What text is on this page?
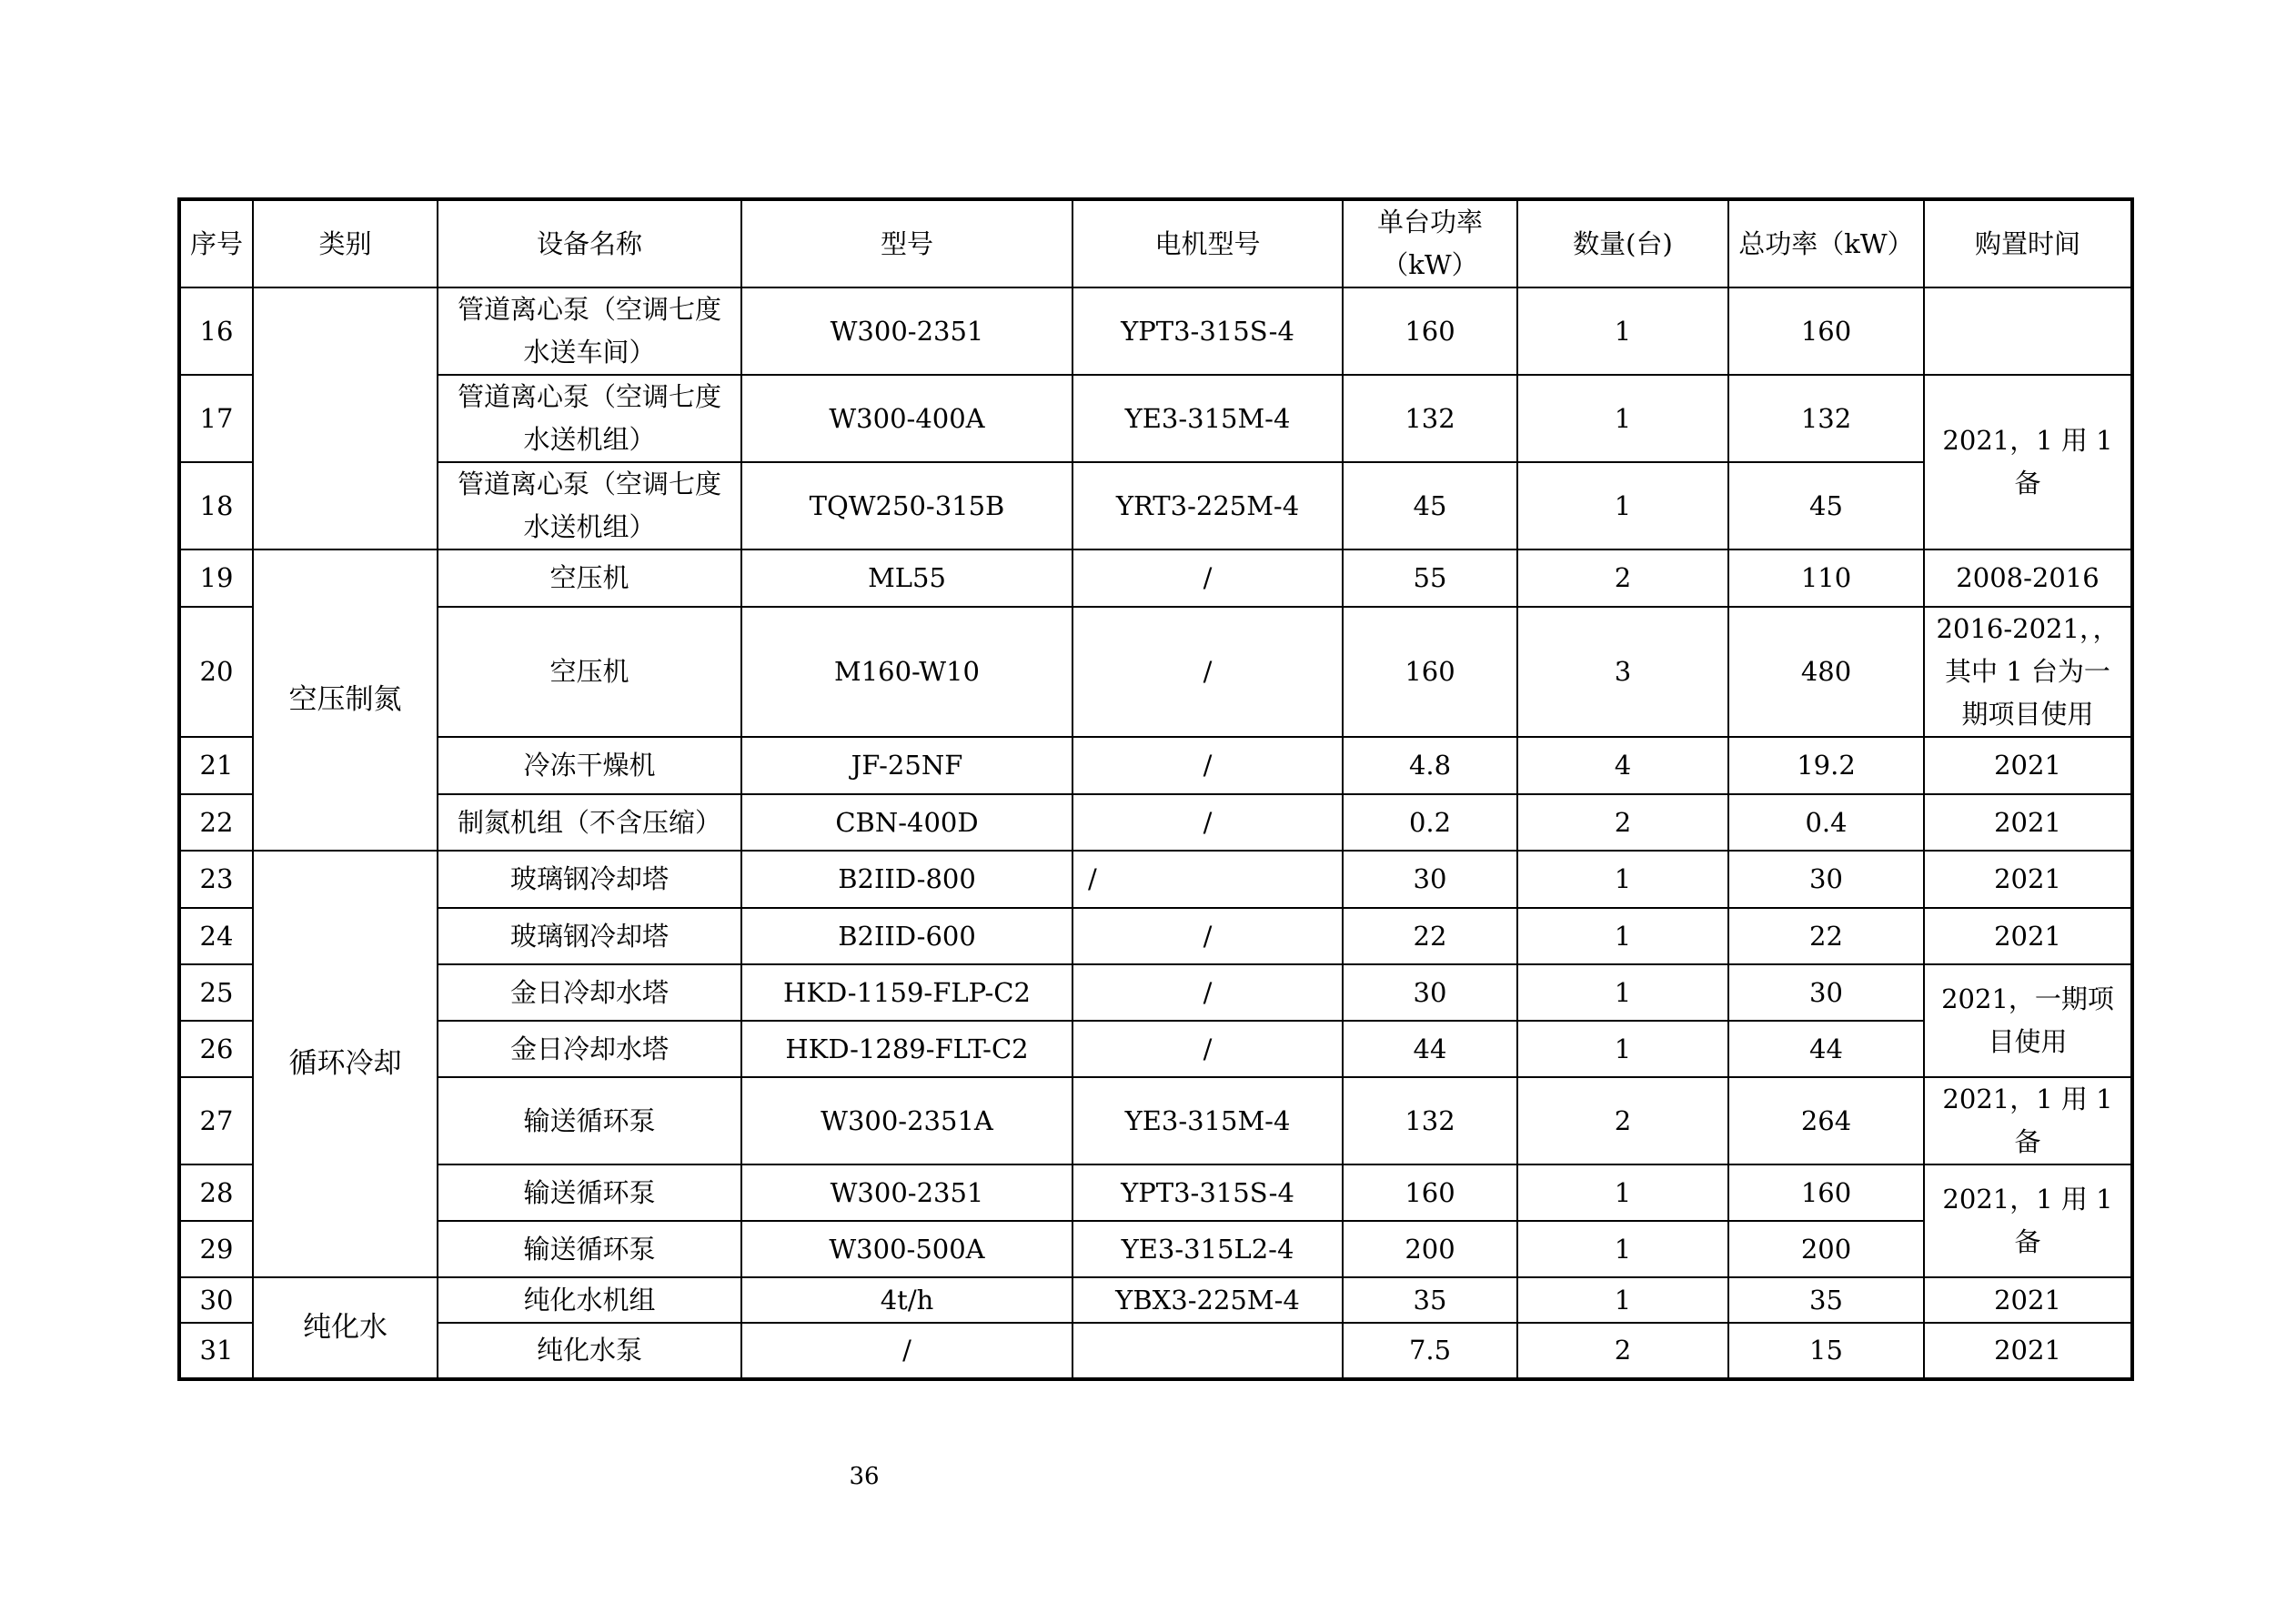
序号	类别	设备名称	型号	电机型号	单台功率（kW）	数量(台)	总功率（kW）	购置时间
16		管道离心泵（空调七度水送车间）	W300-2351	YPT3-315S-4	160	1	160	
17		管道离心泵（空调七度水送机组）	W300-400A	YE3-315M-4	132	1	132	2021，1 用 1 备
18		管道离心泵（空调七度水送机组）	TQW250-315B	YRT3-225M-4	45	1	45	
19	空压制氮	空压机	ML55	/	55	2	110	2008-2016
20		空压机	M160-W10	/	160	3	480	2016-2021，，其中 1 台为一期项目使用
21		冷冻干燥机	JF-25NF	/	4.8	4	19.2	2021
22		制氮机组（不含压缩）	CBN-400D	/	0.2	2	0.4	2021
23	循环冷却	玻璃钢冷却塔	B2IID-800	/	30	1	30	2021
24		玻璃钢冷却塔	B2IID-600	/	22	1	22	2021
25		金日冷却水塔	HKD-1159-FLP-C2	/	30	1	30	2021，一期项目使用
26		金日冷却水塔	HKD-1289-FLT-C2	/	44	1	44	
27		输送循环泵	W300-2351A	YE3-315M-4	132	2	264	2021，1 用 1 备
28		输送循环泵	W300-2351	YPT3-315S-4	160	1	160	2021，1 用 1 备
29		输送循环泵	W300-500A	YE3-315L2-4	200	1	200	
30	纯化水	纯化水机组	4t/h	YBX3-225M-4	35	1	35	2021
31		纯化水泵	/		7.5	2	15	2021
36
